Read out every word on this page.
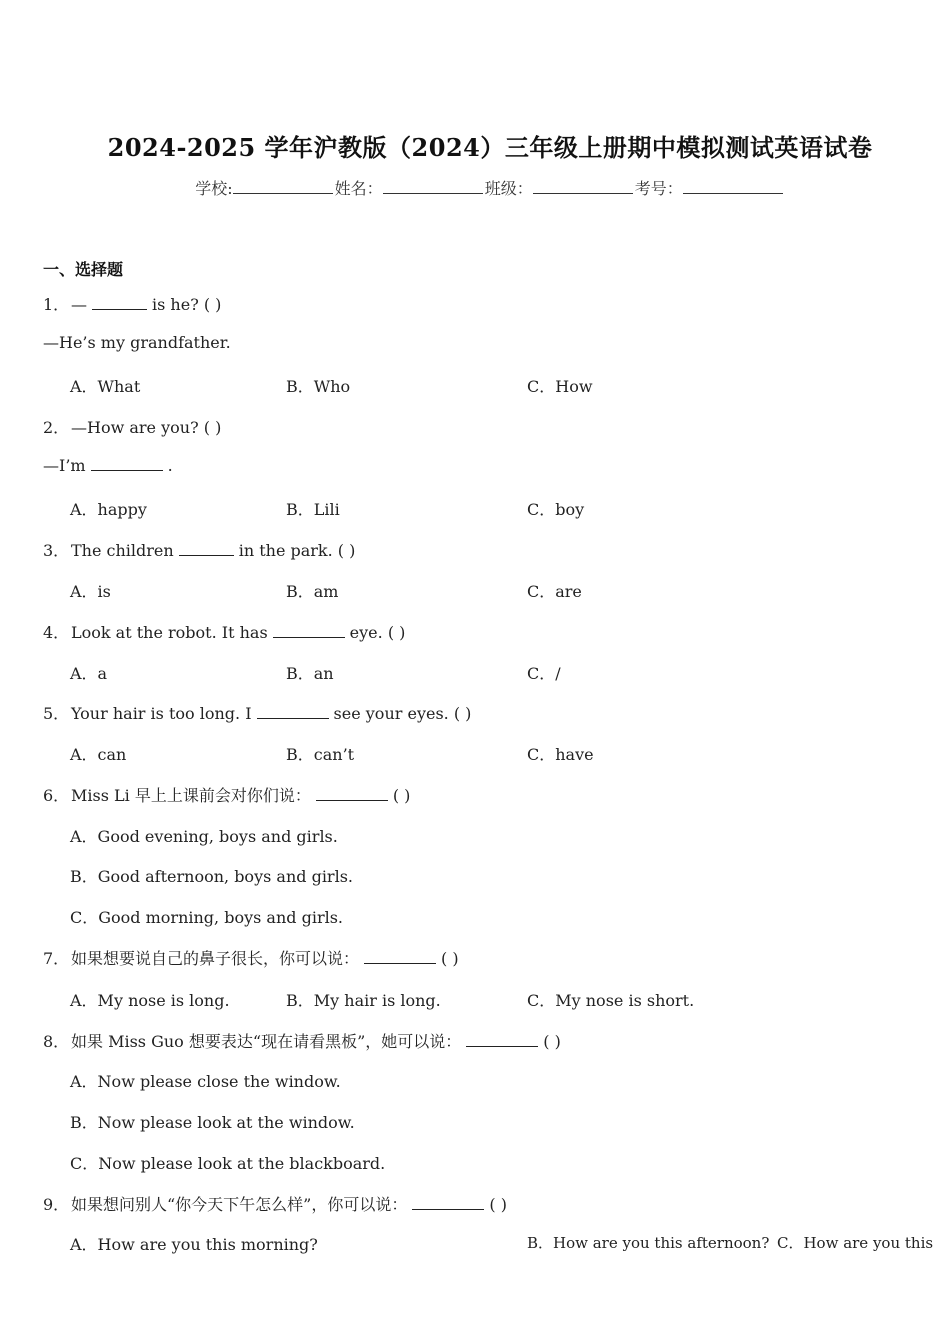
2024-2025 学年沪教版（2024）三年级上册期中模拟测试英语试卷
学校:	姓名：	班级：	考号：
一、选择题
1． —	is he? ( )
—He’s my grandfather.
A．What	B．Who	C．How
2． —How are you? ( )
—I’m	.
A．happy	B．Lili	C．boy
3． The children	in the park. ( )
A．is	B．am	C．are
4． Look at the robot. It has	eye. ( )
A．a	B．an	C．/
5． Your hair is too long. I	see your eyes. ( )
A．can	B．can’t	C．have
6． Miss Li 早上上课前会对你们说：	( )
A．Good evening, boys and girls.
B．Good afternoon, boys and girls.
C．Good morning, boys and girls.
7． 如果想要说自己的鼻子很长，你可以说：	( )
A．My nose is long.	B．My hair is long.	C．My nose is short.
8． 如果 Miss Guo 想要表达“现在请看黑板”，她可以说：	( )
A．Now please close the window.
B．Now please look at the window.
C．Now please look at the blackboard.
9． 如果想问别人“你今天下午怎么样”，你可以说：	( )
A．How are you this morning?	B．How are you this afternoon? C．How are you this
